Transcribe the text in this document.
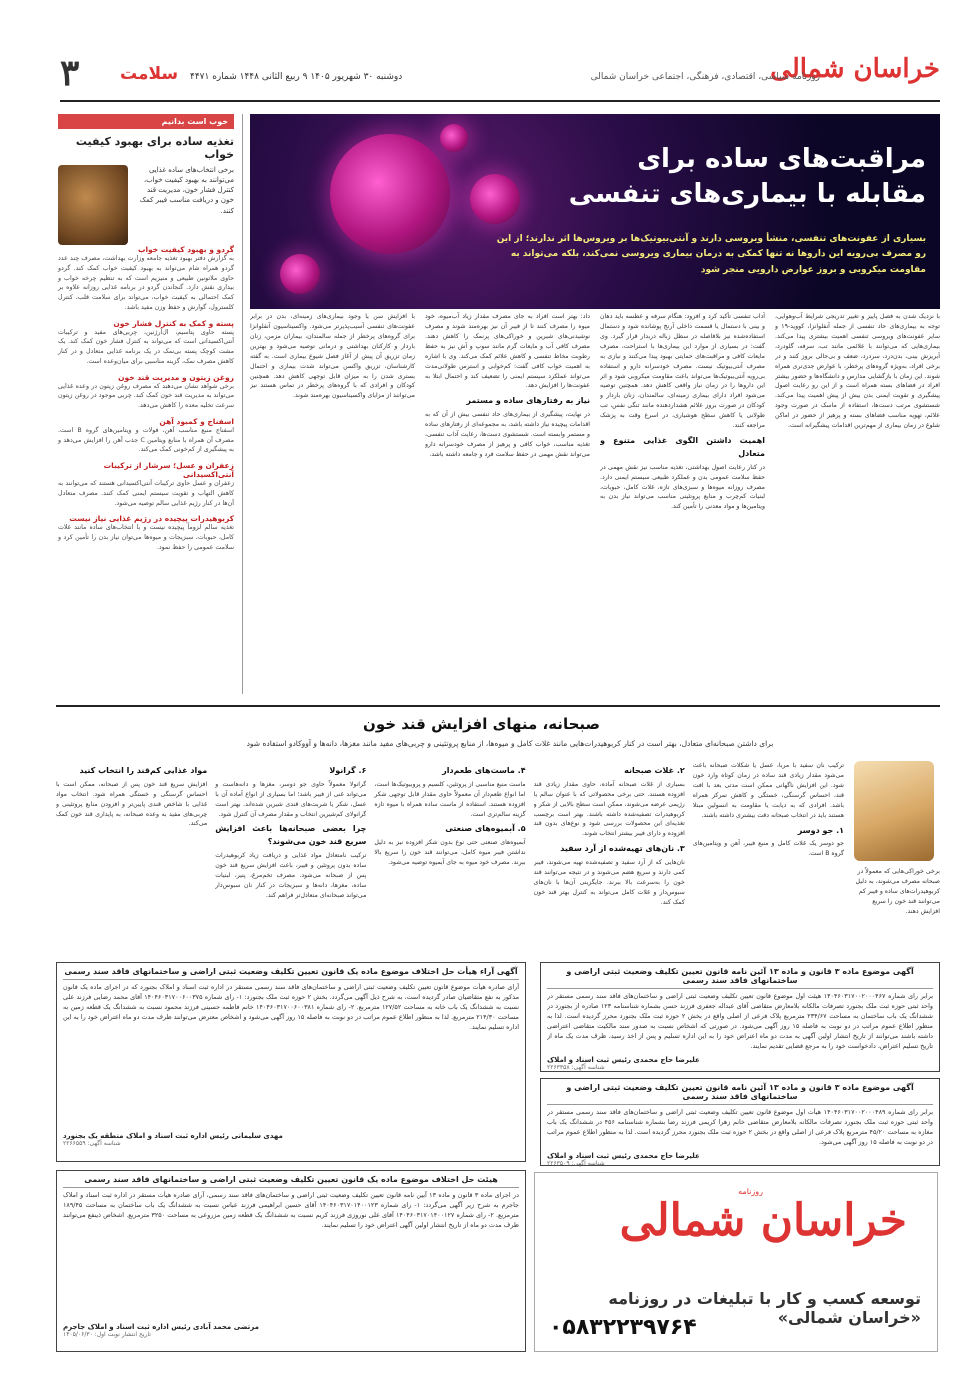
خراسان شمالی
روزنامه سیاسی، اقتصادی، فرهنگی، اجتماعی خراسان شمالی
دوشنبه ۳۰ شهریور ۱۴۰۵ ۹ ربیع الثانی ۱۴۴۸ شماره ۴۴۷۱
سلامت
۳
خوب است بدانیم
تغذیه ساده برای بهبود کیفیت خواب

برخی انتخاب‌های ساده غذایی می‌توانند به بهبود کیفیت خواب، کنترل فشار خون، مدیریت قند خون و دریافت مناسب فیبر کمک کنند.

گردو و بهبود کیفیت خواب

به گزارش دفتر بهبود تغذیه جامعه وزارت بهداشت، مصرف چند عدد گردو همراه شام می‌تواند به بهبود کیفیت خواب کمک کند. گردو حاوی ملاتونین طبیعی و منیزیم است که به تنظیم چرخه خواب و بیداری نقش دارد. گنجاندن گردو در برنامه غذایی روزانه علاوه بر کمک احتمالی به کیفیت خواب، می‌تواند برای سلامت قلب، کنترل کلسترول، گوارش و حفظ وزن مفید باشد.

پسته و کمک به کنترل فشار خون

پسته حاوی پتاسیم، ال‌آرژنین، چربی‌های مفید و ترکیبات آنتی‌اکسیدانی است که می‌تواند به کنترل فشار خون کمک کند. یک مشت کوچک پسته بی‌نمک در یک برنامه غذایی متعادل و در کنار کاهش مصرف نمک، گزینه مناسبی برای میان‌وعده است.

روغن زیتون و مدیریت قند خون

برخی شواهد نشان می‌دهند که مصرف روغن زیتون در وعده غذایی می‌تواند به مدیریت قند خون کمک کند. چربی موجود در روغن زیتون سرعت تخلیه معده را کاهش می‌دهد.

اسفناج و کمبود آهن

اسفناج منبع مناسب آهن، فولات و ویتامین‌های گروه B است. مصرف آن همراه با منابع ویتامین C جذب آهن را افزایش می‌دهد و به پیشگیری از کم‌خونی کمک می‌کند.

زعفران و عسل؛ سرشار از ترکیبات آنتی‌اکسیدانی

زعفران و عسل حاوی ترکیبات آنتی‌اکسیدانی هستند که می‌توانند به کاهش التهاب و تقویت سیستم ایمنی کمک کنند. مصرف متعادل آن‌ها در کنار رژیم غذایی سالم توصیه می‌شود.

کربوهیدرات پیچیده در رژیم غذایی نیاز نیست

تغذیه سالم لزوماً پیچیده نیست و با انتخاب‌های ساده مانند غلات کامل، حبوبات، سبزیجات و میوه‌ها می‌توان نیاز بدن را تأمین کرد و سلامت عمومی را حفظ نمود.

مراقبت‌های ساده برای مقابله با بیماری‌های تنفسی

بسیاری از عفونت‌های تنفسی، منشأ ویروسی دارند و آنتی‌بیوتیک‌ها بر ویروس‌ها اثر ندارند؛ از این رو مصرف بی‌رویه این داروها نه تنها کمکی به درمان بیماری ویروسی نمی‌کند، بلکه می‌تواند به مقاومت میکروبی و بروز عوارض دارویی منجر شود

با نزدیک شدن به فصل پاییز و تغییر تدریجی شرایط آب‌وهوایی، توجه به بیماری‌های حاد تنفسی از جمله آنفلوانزا، کووید-۱۹ و سایر عفونت‌های ویروسی تنفسی اهمیت بیشتری پیدا می‌کند. بیماری‌هایی که می‌توانند با علائمی مانند تب، سرفه، گلودرد، آبریزش بینی، بدن‌درد، سردرد، ضعف و بی‌حالی بروز کنند و در برخی افراد، به‌ویژه گروه‌های پرخطر، با عوارض جدی‌تری همراه شوند. این زمان با بازگشایی مدارس و دانشگاه‌ها و حضور بیشتر افراد در فضاهای بسته همراه است و از این رو رعایت اصول پیشگیری و تقویت ایمنی بدن بیش از پیش اهمیت پیدا می‌کند. شستشوی مرتب دست‌ها، استفاده از ماسک در صورت وجود علائم، تهویه مناسب فضاهای بسته و پرهیز از حضور در اماکن شلوغ در زمان بیماری از مهم‌ترین اقدامات پیشگیرانه است.

آداب تنفسی تأکید کرد و افزود: هنگام سرفه و عطسه باید دهان و بینی با دستمال یا قسمت داخلی آرنج پوشانده شود و دستمال استفاده‌شده نیز بلافاصله در سطل زباله دربدار قرار گیرد. وی گفت: در بسیاری از موارد این بیماری‌ها با استراحت، مصرف مایعات کافی و مراقبت‌های حمایتی بهبود پیدا می‌کنند و نیازی به مصرف آنتی‌بیوتیک نیست. مصرف خودسرانه دارو و استفاده بی‌رویه آنتی‌بیوتیک‌ها می‌تواند باعث مقاومت میکروبی شود و اثر این داروها را در زمان نیاز واقعی کاهش دهد. همچنین توصیه می‌شود افراد دارای بیماری زمینه‌ای، سالمندان، زنان باردار و کودکان در صورت بروز علائم هشداردهنده مانند تنگی نفس، تب طولانی یا کاهش سطح هوشیاری، در اسرع وقت به پزشک مراجعه کنند.

اهمیت داشتن الگوی غذایی متنوع و متعادل

در کنار رعایت اصول بهداشتی، تغذیه مناسب نیز نقش مهمی در حفظ سلامت عمومی بدن و عملکرد طبیعی سیستم ایمنی دارد. مصرف روزانه میوه‌ها و سبزی‌های تازه، غلات کامل، حبوبات، لبنیات کم‌چرب و منابع پروتئینی مناسب می‌تواند نیاز بدن به ویتامین‌ها و مواد معدنی را تأمین کند.

داد: بهتر است افراد به جای مصرف مقدار زیاد آب‌میوه، خود میوه را مصرف کنند تا از فیبر آن نیز بهره‌مند شوند و مصرف نوشیدنی‌های شیرین و خوراکی‌های پرنمک را کاهش دهند. مصرف کافی آب و مایعات گرم مانند سوپ و آش نیز به حفظ رطوبت مخاط تنفسی و کاهش علائم کمک می‌کند. وی با اشاره به اهمیت خواب کافی گفت: کم‌خوابی و استرس طولانی‌مدت می‌تواند عملکرد سیستم ایمنی را تضعیف کند و احتمال ابتلا به عفونت‌ها را افزایش دهد.

نیاز به رفتارهای ساده و مستمر

در نهایت، پیشگیری از بیماری‌های حاد تنفسی بیش از آن که به اقدامات پیچیده نیاز داشته باشد، به مجموعه‌ای از رفتارهای ساده و مستمر وابسته است. شستشوی دست‌ها، رعایت آداب تنفسی، تغذیه مناسب، خواب کافی و پرهیز از مصرف خودسرانه دارو می‌تواند نقش مهمی در حفظ سلامت فرد و جامعه داشته باشد.

با افزایش سن یا وجود بیماری‌های زمینه‌ای، بدن در برابر عفونت‌های تنفسی آسیب‌پذیرتر می‌شود. واکسیناسیون آنفلوانزا برای گروه‌های پرخطر از جمله سالمندان، بیماران مزمن، زنان باردار و کارکنان بهداشتی و درمانی توصیه می‌شود و بهترین زمان تزریق آن پیش از آغاز فصل شیوع بیماری است. به گفته کارشناسان، تزریق واکسن می‌تواند شدت بیماری و احتمال بستری شدن را به میزان قابل توجهی کاهش دهد. همچنین کودکان و افرادی که با گروه‌های پرخطر در تماس هستند نیز می‌توانند از مزایای واکسیناسیون بهره‌مند شوند.

صبحانه، منهای افزایش قند خون

برای داشتن صبحانه‌ای متعادل، بهتر است در کنار کربوهیدرات‌هایی مانند غلات کامل و میوه‌ها، از منابع پروتئینی و چربی‌های مفید مانند مغزها، دانه‌ها و آووکادو استفاده شود

برخی خوراکی‌هایی که معمولاً در صبحانه مصرف می‌شوند، به دلیل کربوهیدرات‌های ساده و فیبر کم می‌توانند قند خون را سریع افزایش دهند.

ترکیب نان سفید با مربا، عسل یا شکلات صبحانه باعث می‌شود مقدار زیادی قند ساده در زمان کوتاه وارد خون شود. این افزایش ناگهانی ممکن است مدتی بعد با افت قند، احساس گرسنگی، خستگی و کاهش تمرکز همراه باشد. افرادی که به دیابت یا مقاومت به انسولین مبتلا هستند باید در انتخاب صبحانه دقت بیشتری داشته باشند.

۱. جو دوسر

جو دوسر یک غلات کامل و منبع فیبر، آهن و ویتامین‌های گروه B است.

۲. غلات صبحانه

بسیاری از غلات صبحانه آماده، حاوی مقدار زیادی قند افزوده هستند. حتی برخی محصولاتی که با عنوان سالم یا رژیمی عرضه می‌شوند، ممکن است سطح بالایی از شکر و کربوهیدرات تصفیه‌شده داشته باشند. بهتر است برچسب تغذیه‌ای این محصولات بررسی شود و نوع‌های بدون قند افزوده و دارای فیبر بیشتر انتخاب شوند.

۳. نان‌های تهیه‌شده از آرد سفید

نان‌هایی که از آرد سفید و تصفیه‌شده تهیه می‌شوند، فیبر کمی دارند و سریع هضم می‌شوند و در نتیجه می‌توانند قند خون را به‌سرعت بالا ببرند. جایگزینی آن‌ها با نان‌های سبوس‌دار و غلات کامل می‌تواند به کنترل بهتر قند خون کمک کند.

۴. ماست‌های طعم‌دار

ماست منبع مناسبی از پروتئین، کلسیم و پروبیوتیک‌ها است، اما انواع طعم‌دار آن معمولاً حاوی مقدار قابل توجهی شکر افزوده هستند. استفاده از ماست ساده همراه با میوه تازه گزینه سالم‌تری است.

۵. آبمیوه‌های صنعتی

آبمیوه‌های صنعتی حتی نوع بدون شکر افزوده نیز به دلیل نداشتن فیبر میوه کامل، می‌توانند قند خون را سریع بالا ببرند. مصرف خود میوه به جای آبمیوه توصیه می‌شود.

۶. گرانولا

گرانولا معمولاً حاوی جو دوسر، مغزها و دانه‌هاست و می‌تواند غنی از فیبر باشد؛ اما بسیاری از انواع آماده آن با عسل، شکر یا شربت‌های قندی شیرین شده‌اند. بهتر است گرانولای کم‌شیرین انتخاب و مقدار مصرف آن کنترل شود.

چرا بعضی صبحانه‌ها باعث افزایش سریع قند خون می‌شوند؟

ترکیب نامتعادل مواد غذایی و دریافت زیاد کربوهیدرات ساده بدون پروتئین و فیبر، باعث افزایش سریع قند خون پس از صبحانه می‌شود. مصرف تخم‌مرغ، پنیر، لبنیات ساده، مغزها، دانه‌ها و سبزیجات در کنار نان سبوس‌دار می‌تواند صبحانه‌ای متعادل‌تر فراهم کند.

مواد غذایی کم‌قند را انتخاب کنید

افزایش سریع قند خون پس از صبحانه، ممکن است با احساس گرسنگی و خستگی همراه شود. انتخاب مواد غذایی با شاخص قندی پایین‌تر و افزودن منابع پروتئینی و چربی‌های مفید به وعده صبحانه، به پایداری قند خون کمک می‌کند.

آگهی موضوع ماده ۳ قانون و ماده ۱۳ آئین نامه قانون تعیین تکلیف وضعیت ثبتی اراضی و ساختمانهای فاقد سند رسمی
برابر رای شماره ۱۴۰۴۶۰۳۱۷۰۰۲۰۰۰۴۶۷ هیئت اول موضوع قانون تعیین تکلیف وضعیت ثبتی اراضی و ساختمان‌های فاقد سند رسمی مستقر در واحد ثبتی حوزه ثبت ملک بجنورد تصرفات مالکانه بلامعارض متقاضی آقای عبداله جعفری فرزند حسن بشماره شناسنامه ۱۲۳ صادره از بجنورد در ششدانگ یک باب ساختمان به مساحت ۲۳۴/۶۷ مترمربع پلاک فرعی از اصلی واقع در بخش ۲ حوزه ثبت ملک بجنورد محرز گردیده است. لذا به منظور اطلاع عموم مراتب در دو نوبت به فاصله ۱۵ روز آگهی می‌شود. در صورتی که اشخاص نسبت به صدور سند مالکیت متقاضی اعتراضی داشته باشند می‌توانند از تاریخ انتشار اولین آگهی به مدت دو ماه اعتراض خود را به این اداره تسلیم و پس از اخذ رسید، ظرف مدت یک ماه از تاریخ تسلیم اعتراض، دادخواست خود را به مرجع قضایی تقدیم نمایند.
علیرضا حاج محمدی رئیس ثبت اسناد و املاک
شناسه آگهی: ۲۲۶۳۳۵۸
آگهی آراء هیأت حل اختلاف موضوع ماده یک قانون تعیین تکلیف وضعیت ثبتی اراضی و ساختمانهای فاقد سند رسمی
آرای صادره هیأت موضوع قانون تعیین تکلیف وضعیت ثبتی اراضی و ساختمان‌های فاقد سند رسمی مستقر در اداره ثبت اسناد و املاک بجنورد که در اجرای ماده یک قانون مذکور به نفع متقاضیان صادر گردیده است، به شرح ذیل آگهی می‌گردد. بخش ۲ حوزه ثبت ملک بجنورد: ۱- رای شماره ۱۴۰۴۶۰۳۱۷۰۰۶۰۰۳۷۵ آقای محمد رضایی فرزند علی نسبت به ششدانگ یک باب خانه به مساحت ۱۲۷/۵۲ مترمربع. ۲- رای شماره ۱۴۰۴۶۰۳۱۷۰۰۶۰۰۳۸۱ خانم فاطمه حسینی فرزند محمود نسبت به ششدانگ یک قطعه زمین به مساحت ۲۱۴/۳۰ مترمربع. لذا به منظور اطلاع عموم مراتب در دو نوبت به فاصله ۱۵ روز آگهی می‌شود و اشخاص معترض می‌توانند ظرف مدت دو ماه اعتراض خود را به این اداره تسلیم نمایند.
مهدی سلیمانی رئیس اداره ثبت اسناد و املاک منطقه یک بجنورد
شناسه آگهی: ۲۲۶۶۵۵۹
آگهی موضوع ماده ۳ قانون و ماده ۱۳ آئین نامه قانون تعیین تکلیف وضعیت ثبتی اراضی و ساختمانهای فاقد سند رسمی
برابر رای شماره ۱۴۰۴۶۰۳۱۷۰۰۲۰۰۰۴۸۹ هیأت اول موضوع قانون تعیین تکلیف وضعیت ثبتی اراضی و ساختمان‌های فاقد سند رسمی مستقر در واحد ثبتی حوزه ثبت ملک بجنورد تصرفات مالکانه بلامعارض متقاضی خانم زهرا کریمی فرزند رضا بشماره شناسنامه ۴۵۶ در ششدانگ یک باب مغازه به مساحت ۴۵/۲۰ مترمربع پلاک فرعی از اصلی واقع در بخش ۲ حوزه ثبت ملک بجنورد محرز گردیده است. لذا به منظور اطلاع عموم مراتب در دو نوبت به فاصله ۱۵ روز آگهی می‌شود.
علیرضا حاج محمدی رئیس ثبت اسناد و املاک
شناسه آگهی: ۲۲۶۳۵۰۹
هیئت حل اختلاف موضوع ماده یک قانون تعیین تکلیف وضعیت ثبتی اراضی و ساختمانهای فاقد سند رسمی
در اجرای ماده ۳ قانون و ماده ۱۳ آیین نامه قانون تعیین تکلیف وضعیت ثبتی اراضی و ساختمان‌های فاقد سند رسمی، آرای صادره هیأت مستقر در اداره ثبت اسناد و املاک جاجرم به شرح زیر آگهی می‌گردد: ۱- رای شماره ۱۴۰۴۶۰۳۱۷۰۱۴۰۰۱۲۳ آقای حسین ابراهیمی فرزند عباس نسبت به ششدانگ یک باب ساختمان به مساحت ۱۸۹/۴۵ مترمربع. ۲- رای شماره ۱۴۰۴۶۰۳۱۷۰۱۴۰۰۱۲۷ آقای علی نوروزی فرزند کریم نسبت به ششدانگ یک قطعه زمین مزروعی به مساحت ۳۲۵۰ مترمربع. اشخاص ذینفع می‌توانند ظرف مدت دو ماه از تاریخ انتشار اولین آگهی اعتراض خود را تسلیم نمایند.
مرتضی محمد آبادی رئیس اداره ثبت اسناد و املاک جاجرم
تاریخ انتشار نوبت اول: ۱۴۰۵/۰۶/۳۰
روزنامه
خراسان شمالی
توسعه کسب و کار با تبلیغات در روزنامه «خراسان شمالی»
۰۵۸۳۲۲۳۹۷۶۴
